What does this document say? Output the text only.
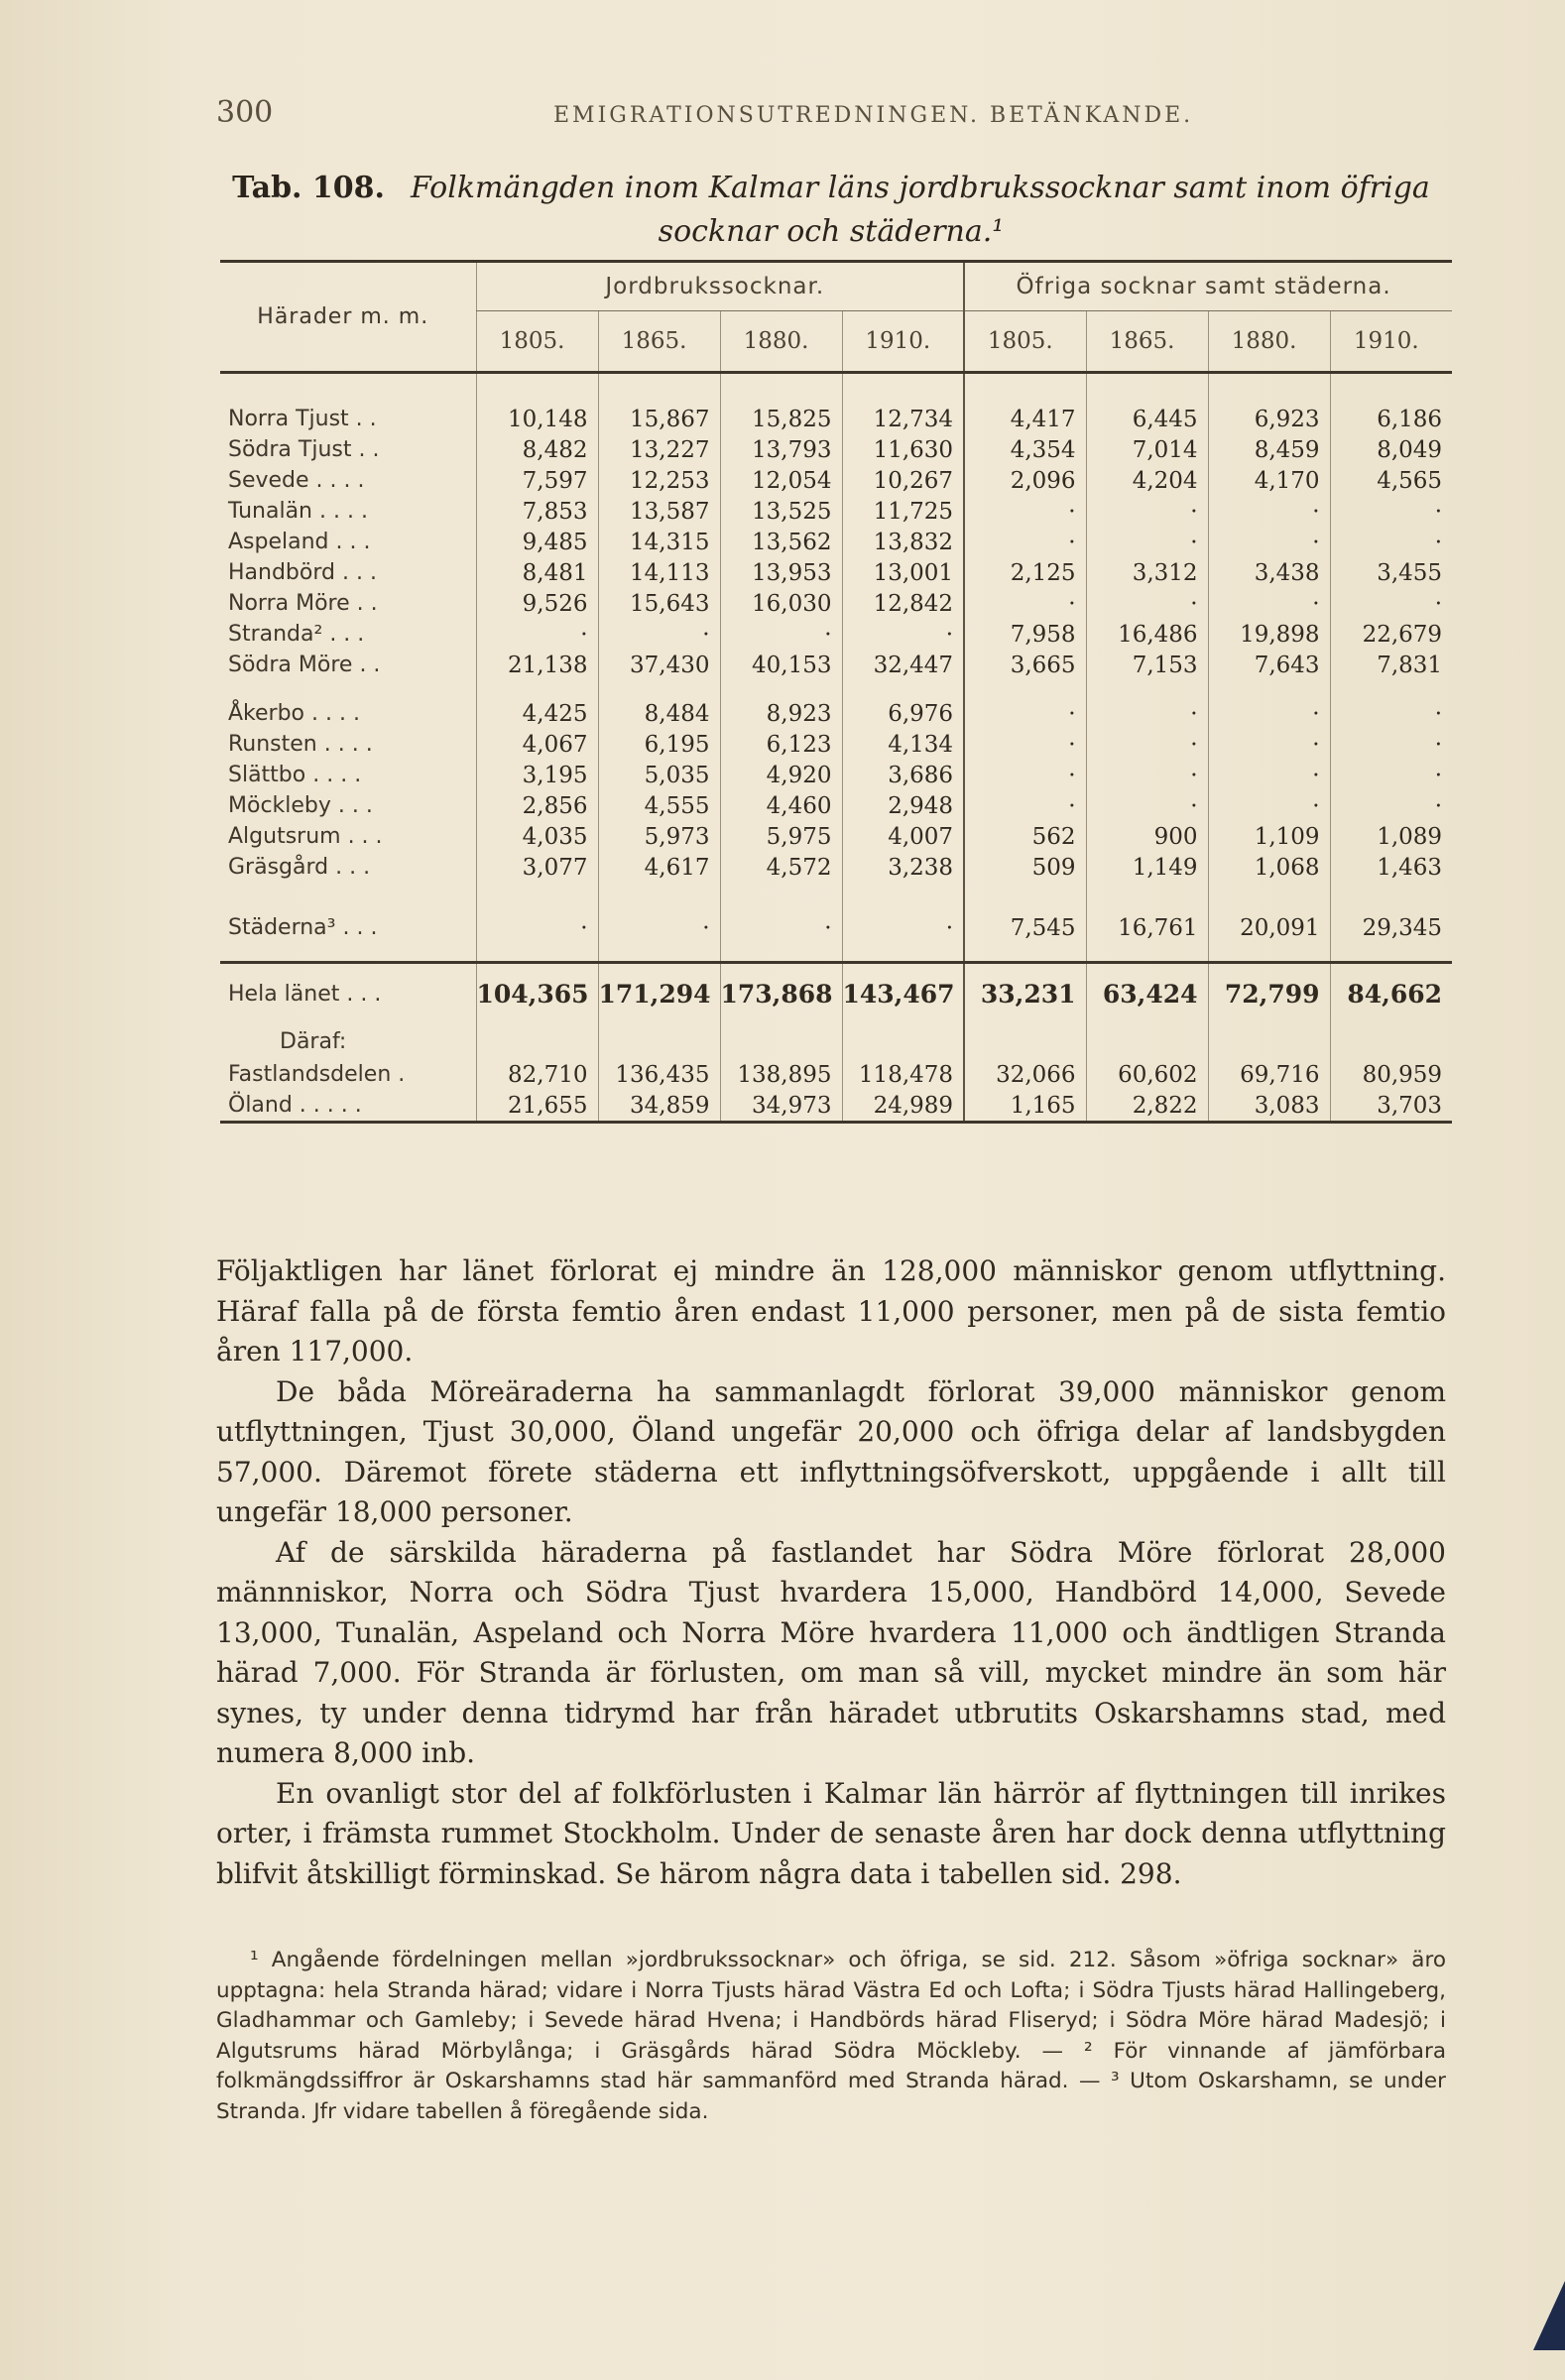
300	EMIGRATIONSUTREDNINGEN. BETÄNKANDE.
Tab. 108. Folkmängden inom Kalmar läns jordbrukssocknar samt inom öfriga socknar och städerna.¹
Härader m. m.	Jordbrukssocknar.				Öfriga socknar samt städerna.			
	1805.	1865.	1880.	1910.	1805.	1865.	1880.	1910.

Norra Tjust . .	10,148	15,867	15,825	12,734	4,417	6,445	6,923	6,186
Södra Tjust . .	8,482	13,227	13,793	11,630	4,354	7,014	8,459	8,049
Sevede . . . .	7,597	12,253	12,054	10,267	2,096	4,204	4,170	4,565
Tunalän . . . .	7,853	13,587	13,525	11,725	·	·	·	·
Aspeland . . .	9,485	14,315	13,562	13,832	·	·	·	·
Handbörd . . .	8,481	14,113	13,953	13,001	2,125	3,312	3,438	3,455
Norra Möre . .	9,526	15,643	16,030	12,842	·	·	·	·
Stranda² . . .	·	·	·	·	7,958	16,486	19,898	22,679
Södra Möre . .	21,138	37,430	40,153	32,447	3,665	7,153	7,643	7,831

Åkerbo . . . .	4,425	8,484	8,923	6,976	·	·	·	·
Runsten . . . .	4,067	6,195	6,123	4,134	·	·	·	·
Slättbo . . . .	3,195	5,035	4,920	3,686	·	·	·	·
Möckleby . . .	2,856	4,555	4,460	2,948	·	·	·	·
Algutsrum . . .	4,035	5,973	5,975	4,007	562	900	1,109	1,089
Gräsgård . . .	3,077	4,617	4,572	3,238	509	1,149	1,068	1,463

Städerna³ . . .	·	·	·	·	7,545	16,761	20,091	29,345

Hela länet . . .	104,365	171,294	173,868	143,467	33,231	63,424	72,799	84,662
Däraf:								
Fastlandsdelen .	82,710	136,435	138,895	118,478	32,066	60,602	69,716	80,959
Öland . . . . .	21,655	34,859	34,973	24,989	1,165	2,822	3,083	3,703

Följaktligen har länet förlorat ej mindre än 128,000 människor genom utflyttning. Häraf falla på de första femtio åren endast 11,000 personer, men på de sista femtio åren 117,000.

De båda Möreäraderna ha sammanlagdt förlorat 39,000 människor genom utflyttningen, Tjust 30,000, Öland ungefär 20,000 och öfriga delar af landsbygden 57,000. Däremot förete städerna ett inflyttningsöfverskott, uppgående i allt till ungefär 18,000 personer.

Af de särskilda häraderna på fastlandet har Södra Möre förlorat 28,000 männniskor, Norra och Södra Tjust hvardera 15,000, Handbörd 14,000, Sevede 13,000, Tunalän, Aspeland och Norra Möre hvardera 11,000 och ändtligen Stranda härad 7,000. För Stranda är förlusten, om man så vill, mycket mindre än som här synes, ty under denna tidrymd har från häradet utbrutits Oskarshamns stad, med numera 8,000 inb.

En ovanligt stor del af folkförlusten i Kalmar län härrör af flyttningen till inrikes orter, i främsta rummet Stockholm. Under de senaste åren har dock denna utflyttning blifvit åtskilligt förminskad. Se härom några data i tabellen sid. 298.

¹ Angående fördelningen mellan »jordbrukssocknar» och öfriga, se sid. 212. Såsom »öfriga socknar» äro upptagna: hela Stranda härad; vidare i Norra Tjusts härad Västra Ed och Lofta; i Södra Tjusts härad Hallingeberg, Gladhammar och Gamleby; i Sevede härad Hvena; i Handbörds härad Fliseryd; i Södra Möre härad Madesjö; i Algutsrums härad Mörbylånga; i Gräsgårds härad Södra Möckleby. — ² För vinnande af jämförbara folkmängdssiffror är Oskarshamns stad här sammanförd med Stranda härad. — ³ Utom Oskarshamn, se under Stranda. Jfr vidare tabellen å föregående sida.
